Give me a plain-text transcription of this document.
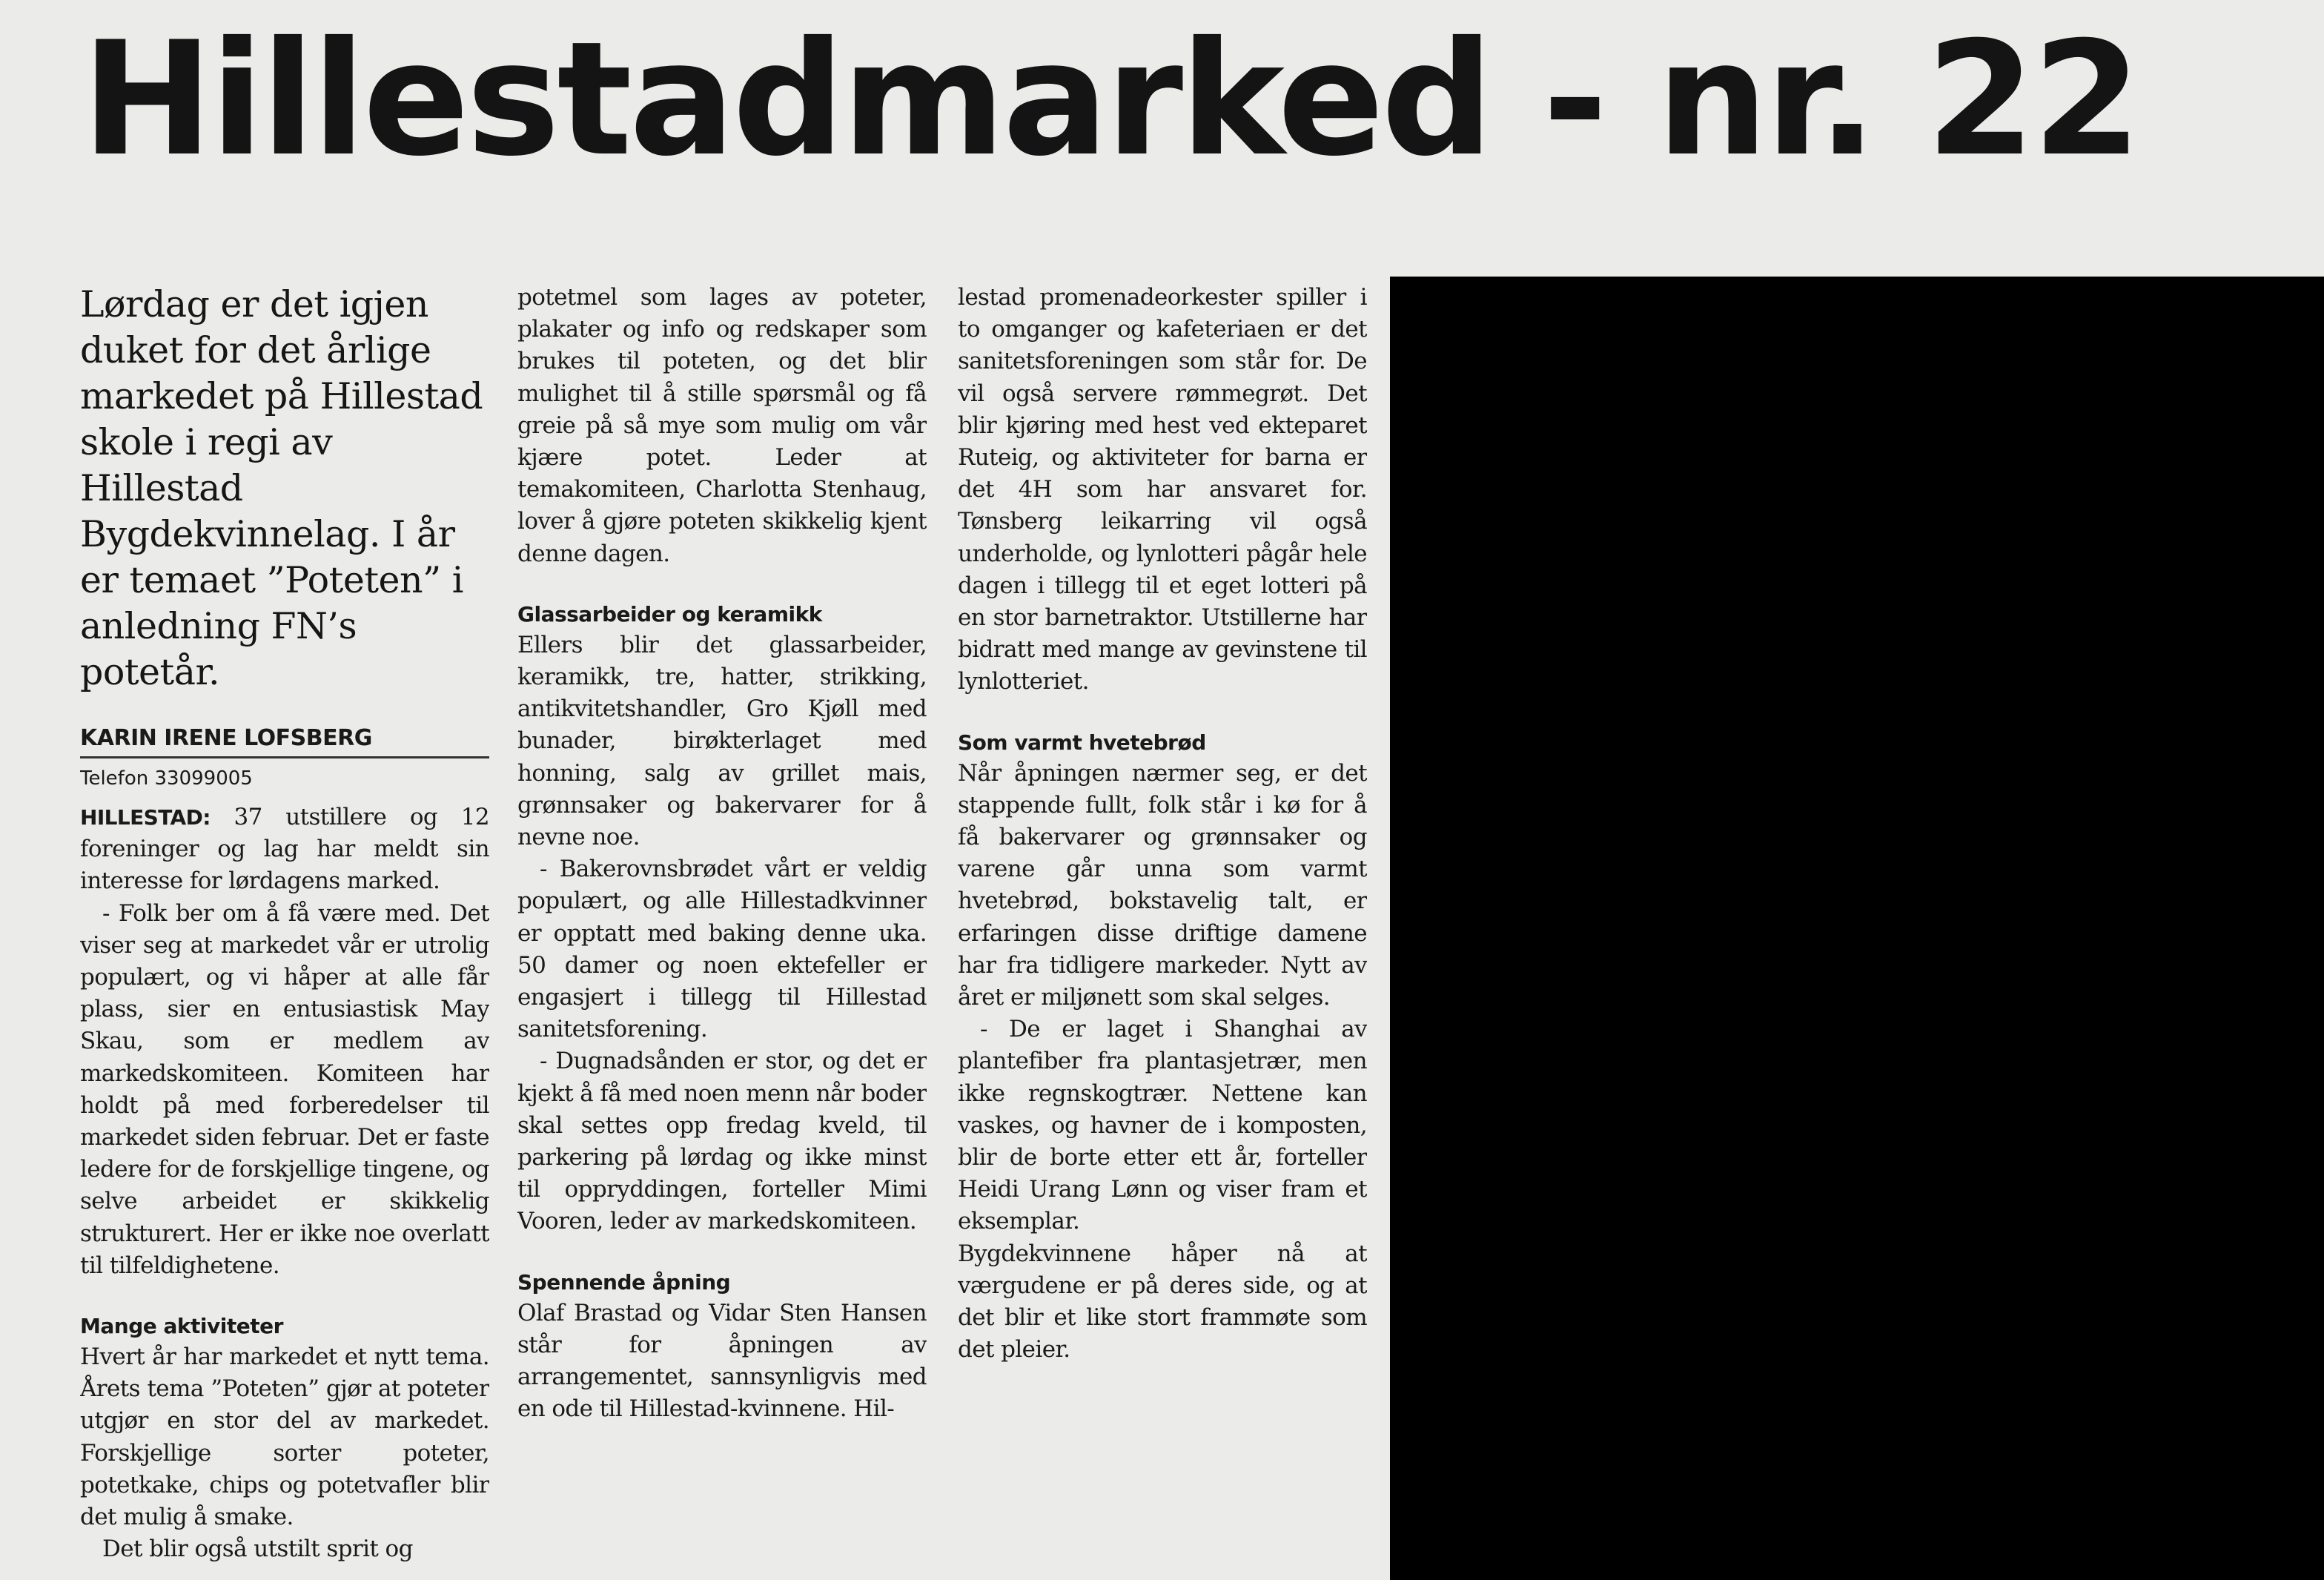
Hillestadmarked - nr. 22

Lørdag er det igjen duket for det årlige markedet på Hillestad skole i regi av Hillestad Bygdekvinnelag. I år er temaet ”Poteten” i anledning FN’s potetår.

KARIN IRENE LOFSBERG
Telefon 33099005

HILLESTAD: 37 utstillere og 12 foreninger og lag har meldt sin interesse for lørdagens marked.

- Folk ber om å få være med. Det viser seg at markedet vår er utrolig populært, og vi håper at alle får plass, sier en entusiastisk May Skau, som er medlem av markedskomiteen. Komiteen har holdt på med forberedelser til markedet siden februar. Det er faste ledere for de forskjellige tingene, og selve arbeidet er skikkelig strukturert. Her er ikke noe overlatt til tilfeldighetene.

Mange aktiviteter

Hvert år har markedet et nytt tema. Årets tema ”Poteten” gjør at poteter utgjør en stor del av markedet. Forskjellige sorter poteter, potetkake, chips og potetvafler blir det mulig å smake.

Det blir også utstilt sprit og

potetmel som lages av poteter, plakater og info og redskaper som brukes til poteten, og det blir mulighet til å stille spørsmål og få greie på så mye som mulig om vår kjære potet. Leder at temakomiteen, Charlotta Stenhaug, lover å gjøre poteten skikkelig kjent denne dagen.

Glassarbeider og keramikk

Ellers blir det glassarbeider, keramikk, tre, hatter, strikking, antikvitetshandler, Gro Kjøll med bunader, birøkterlaget med honning, salg av grillet mais, grønnsaker og bakervarer for å nevne noe.

- Bakerovnsbrødet vårt er veldig populært, og alle Hillestadkvinner er opptatt med baking denne uka. 50 damer og noen ektefeller er engasjert i tillegg til Hillestad sanitetsforening.

- Dugnadsånden er stor, og det er kjekt å få med noen menn når boder skal settes opp fredag kveld, til parkering på lørdag og ikke minst til oppryddingen, forteller Mimi Vooren, leder av markedskomiteen.

Spennende åpning

Olaf Brastad og Vidar Sten Hansen står for åpningen av arrangementet, sannsynligvis med en ode til Hillestad-kvinnene. Hil-

lestad promenadeorkester spiller i to omganger og kafeteriaen er det sanitetsforeningen som står for. De vil også servere rømmegrøt. Det blir kjøring med hest ved ekteparet Ruteig, og aktiviteter for barna er det 4H som har ansvaret for. Tønsberg leikarring vil også underholde, og lynlotteri pågår hele dagen i tillegg til et eget lotteri på en stor barnetraktor. Utstillerne har bidratt med mange av gevinstene til lynlotteriet.

Som varmt hvetebrød

Når åpningen nærmer seg, er det stappende fullt, folk står i kø for å få bakervarer og grønnsaker og varene går unna som varmt hvetebrød, bokstavelig talt, er erfaringen disse driftige damene har fra tidligere markeder. Nytt av året er miljønett som skal selges.

- De er laget i Shanghai av plantefiber fra plantasjetrær, men ikke regnskogtrær. Nettene kan vaskes, og havner de i komposten, blir de borte etter ett år, forteller Heidi Urang Lønn og viser fram et eksemplar.

Bygdekvinnene håper nå at værgudene er på deres side, og at det blir et like stort frammøte som det pleier.
